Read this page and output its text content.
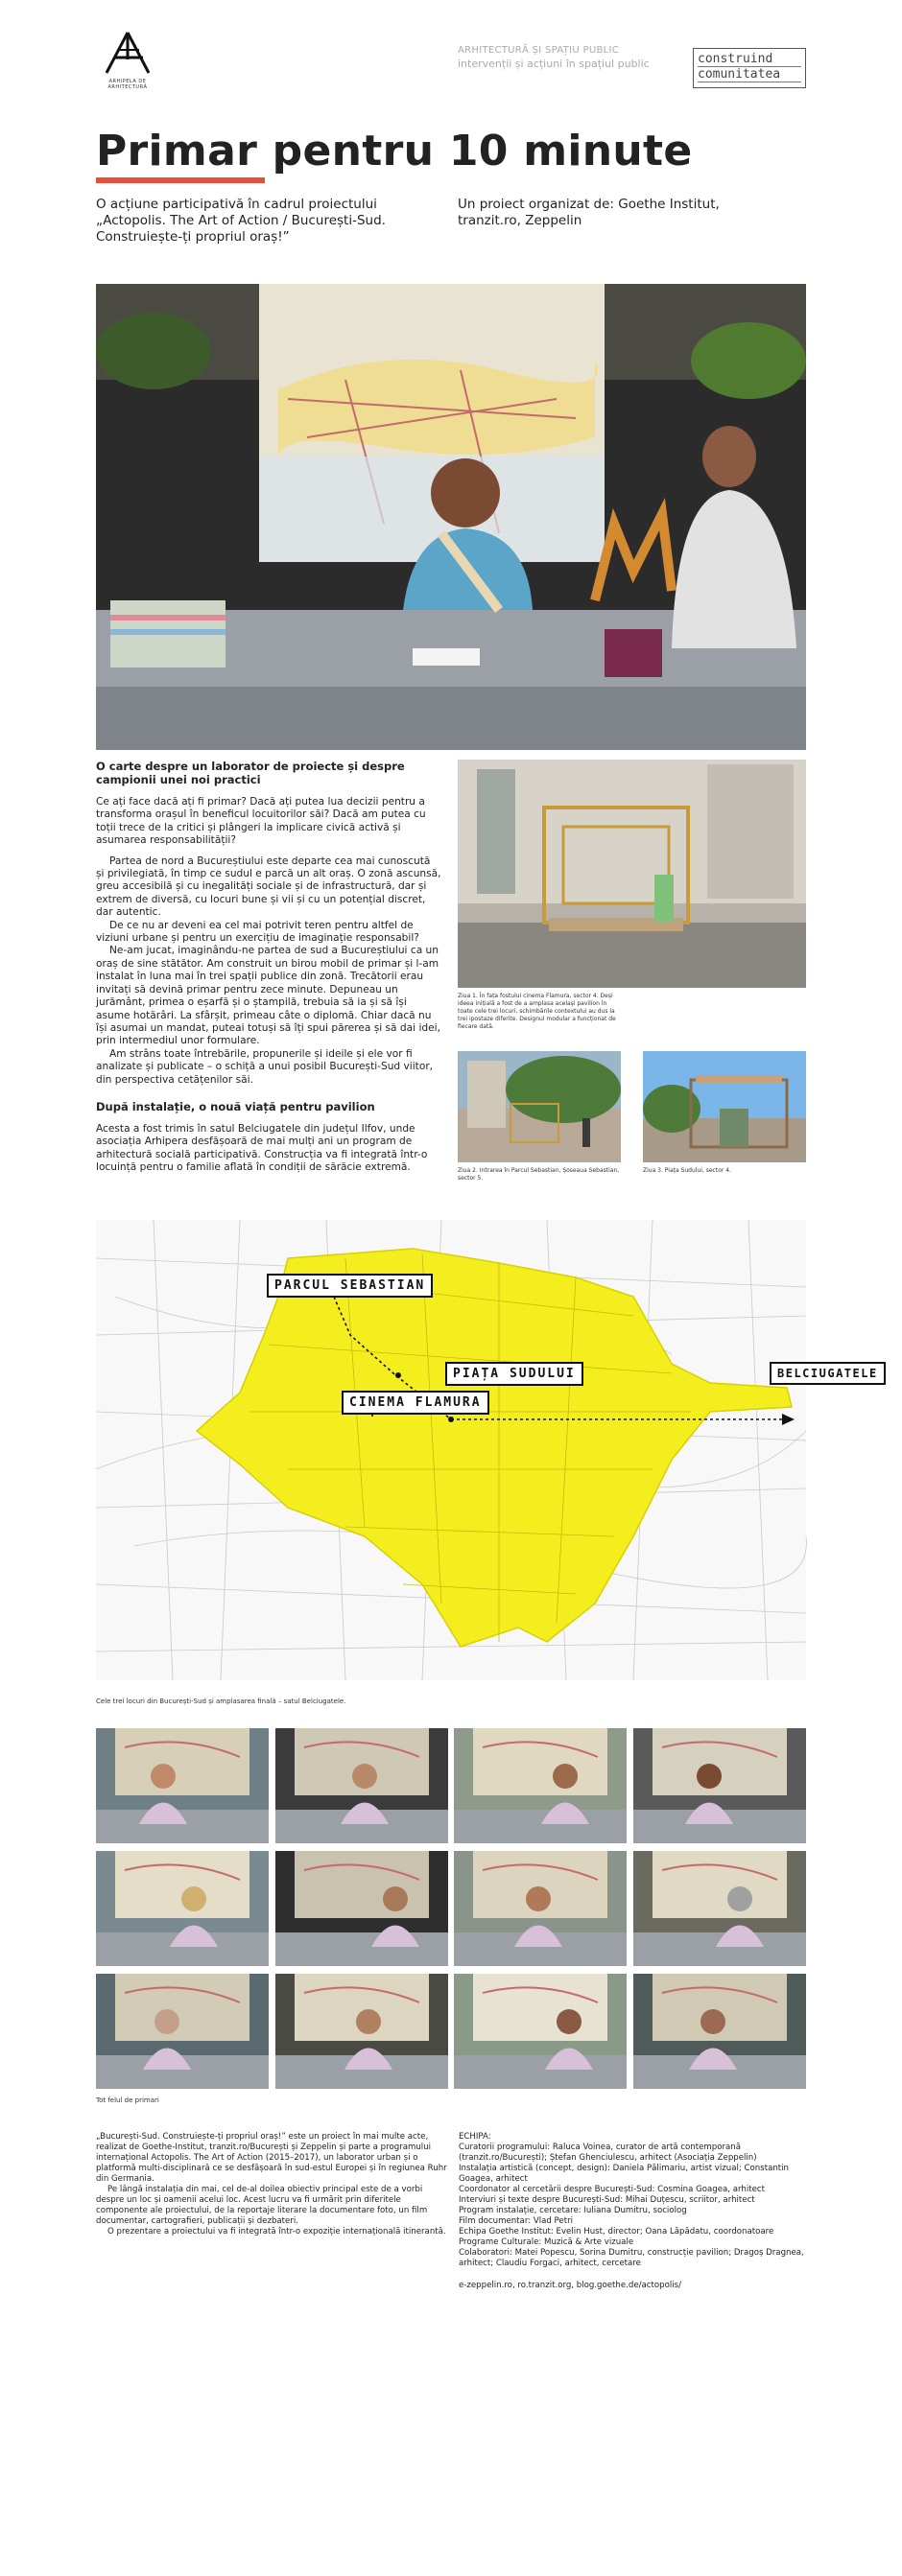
ARHIPELA DE ARHITECTURĂ
ARHITECTURĂ ȘI SPAȚIU PUBLIC
intervenții și acțiuni în spațiul public	construind
comunitatea
Primar pentru 10 minute

O acțiune participativă în cadrul proiectului „Actopolis. The Art of Action / București-Sud. Construiește-ți propriul oraș!”

Un proiect organizat de: Goethe Institut, tranzit.ro, Zeppelin

O carte despre un laborator de proiecte și despre campionii unei noi practici

Ce ați face dacă ați fi primar? Dacă ați putea lua decizii pentru a transforma orașul în beneficul locuitorilor săi? Dacă am putea cu toții trece de la critici și plângeri la implicare civică activă și asumarea responsabilității?

Partea de nord a Bucureștiului este departe cea mai cunoscută și privilegiată, în timp ce sudul e parcă un alt oraș. O zonă ascunsă, greu accesibilă și cu inegalități sociale și de infrastructură, dar și extrem de diversă, cu locuri bune și vii și cu un potențial discret, dar autentic.

De ce nu ar deveni ea cel mai potrivit teren pentru altfel de viziuni urbane și pentru un exercițiu de imaginație responsabil?

Ne-am jucat, imaginându-ne partea de sud a Bucureștiului ca un oraș de sine stătător. Am construit un birou mobil de primar și l-am instalat în luna mai în trei spații publice din zonă. Trecătorii erau invitați să devină primar pentru zece minute. Depuneau un jurământ, primea o eșarfă și o ștampilă, trebuia să ia și să își asume hotărâri. La sfârșit, primeau câte o diplomă. Chiar dacă nu își asumai un mandat, puteai totuși să îți spui părerea și să dai idei, prin intermediul unor formulare.

Am strâns toate întrebările, propunerile și ideile și ele vor fi analizate și publicate – o schiță a unui posibil București-Sud viitor, din perspectiva cetățenilor săi.

După instalație, o nouă viață pentru pavilion

Acesta a fost trimis în satul Belciugatele din județul Ilfov, unde asociația Arhipera desfășoară de mai mulți ani un program de arhitectură socială participativă. Construcția va fi integrată într-o locuință pentru o familie aflată în condiții de sărăcie extremă.

Ziua 1. În fața fostului cinema Flamura, sector 4. Deși ideea inițială a fost de a amplasa același pavilion în toate cele trei locuri, schimbările contextului au dus la trei ipostaze diferite. Designul modular a funcționat de fiecare dată.
Ziua 2. Intrarea în Parcul Sebastian, Șoseaua Sebastian, sector 5.
Ziua 3. Piața Sudului, sector 4.
PARCUL SEBASTIAN
PIAȚA SUDULUI
CINEMA FLAMURA
BELCIUGATELE
Cele trei locuri din București-Sud și amplasarea finală – satul Belciugatele.
Tot felul de primari

„București-Sud. Construiește-ți propriul oraș!” este un proiect în mai multe acte, realizat de Goethe-Institut, tranzit.ro/București și Zeppelin și parte a programului internațional Actopolis. The Art of Action (2015–2017), un laborator urban și o platformă multi-disciplinară ce se desfășoară în sud-estul Europei și în regiunea Ruhr din Germania.

Pe lângă instalația din mai, cel de-al doilea obiectiv principal este de a vorbi despre un loc și oamenii acelui loc. Acest lucru va fi urmărit prin diferitele componente ale proiectului, de la reportaje literare la documentare foto, un film documentar, cartografieri, publicații și dezbateri.

O prezentare a proiectului va fi integrată într-o expoziție internațională itinerantă.

ECHIPA:
Curatorii programului: Raluca Voinea, curator de artă contemporană (tranzit.ro/București); Ștefan Ghenciulescu, arhitect (Asociația Zeppelin)
Instalația artistică (concept, design): Daniela Pălimariu, artist vizual; Constantin Goagea, arhitect
Coordonator al cercetării despre București-Sud: Cosmina Goagea, arhitect
Interviuri și texte despre București-Sud: Mihai Duțescu, scriitor, arhitect
Program instalație, cercetare: Iuliana Dumitru, sociolog
Film documentar: Vlad Petri
Echipa Goethe Institut: Evelin Hust, director; Oana Lăpădatu, coordonatoare
Programe Culturale: Muzică & Arte vizuale
Colaboratori: Matei Popescu, Sorina Dumitru, construcție pavilion; Dragoș Dragnea, arhitect; Claudiu Forgaci, arhitect, cercetare
e-zeppelin.ro, ro.tranzit.org, blog.goethe.de/actopolis/
